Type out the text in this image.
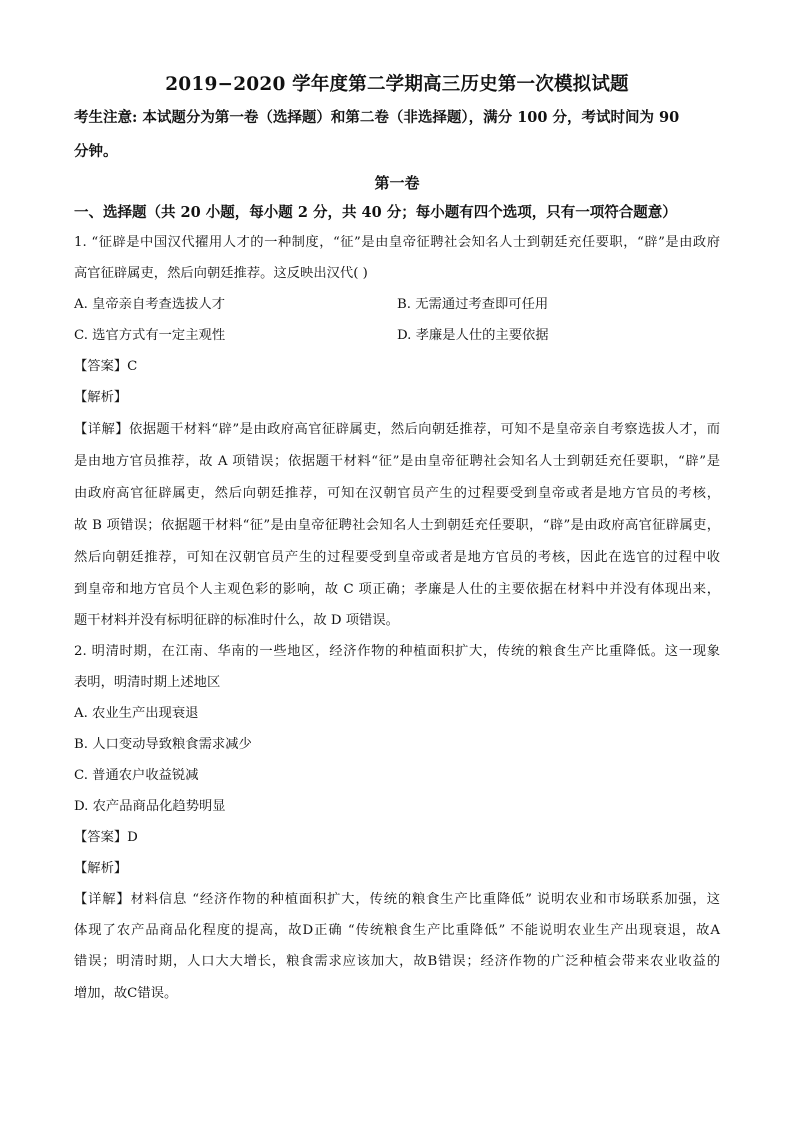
2019−2020 学年度第二学期高三历史第一次模拟试题
考生注意: 本试题分为第一卷（选择题）和第二卷（非选择题），满分 100 分，考试时间为 90
分钟。
第一卷
一、选择题（共 20 小题，每小题 2 分，共 40 分；每小题有四个选项，只有一项符合题意）
1. “征辟是中国汉代擢用人才的一种制度，“征”是由皇帝征聘社会知名人士到朝廷充任要职，“辟”是由政府
高官征辟属吏，然后向朝廷推荐。这反映出汉代( )
A. 皇帝亲自考查选拔人才	B. 无需通过考查即可任用
C. 选官方式有一定主观性	D. 孝廉是人仕的主要依据
【答案】C
【解析】
【详解】依据题干材料“辟”是由政府高官征辟属吏，然后向朝廷推荐，可知不是皇帝亲自考察选拔人才，而
是由地方官员推荐，故 A 项错误；依据题干材料“征”是由皇帝征聘社会知名人士到朝廷充任要职，“辟”是
由政府高官征辟属吏，然后向朝廷推荐，可知在汉朝官员产生的过程要受到皇帝或者是地方官员的考核，
故 B 项错误；依据题干材料“征”是由皇帝征聘社会知名人士到朝廷充任要职，“辟”是由政府高官征辟属吏，
然后向朝廷推荐，可知在汉朝官员产生的过程要受到皇帝或者是地方官员的考核，因此在选官的过程中收
到皇帝和地方官员个人主观色彩的影响，故 C 项正确；孝廉是人仕的主要依据在材料中并没有体现出来，
题干材料并没有标明征辟的标准时什么，故 D 项错误。
2. 明清时期，在江南、华南的一些地区，经济作物的种植面积扩大，传统的粮食生产比重降低。这一现象
表明，明清时期上述地区
A. 农业生产出现衰退
B. 人口变动导致粮食需求减少
C. 普通农户收益锐减
D. 农产品商品化趋势明显
【答案】D
【解析】
【详解】材料信息 “经济作物的种植面积扩大，传统的粮食生产比重降低” 说明农业和市场联系加强，这
体现了农产品商品化程度的提高，故D正确 “传统粮食生产比重降低” 不能说明农业生产出现衰退，故A
错误；明清时期，人口大大增长，粮食需求应该加大，故B错误；经济作物的广泛种植会带来农业收益的
增加，故C错误。
